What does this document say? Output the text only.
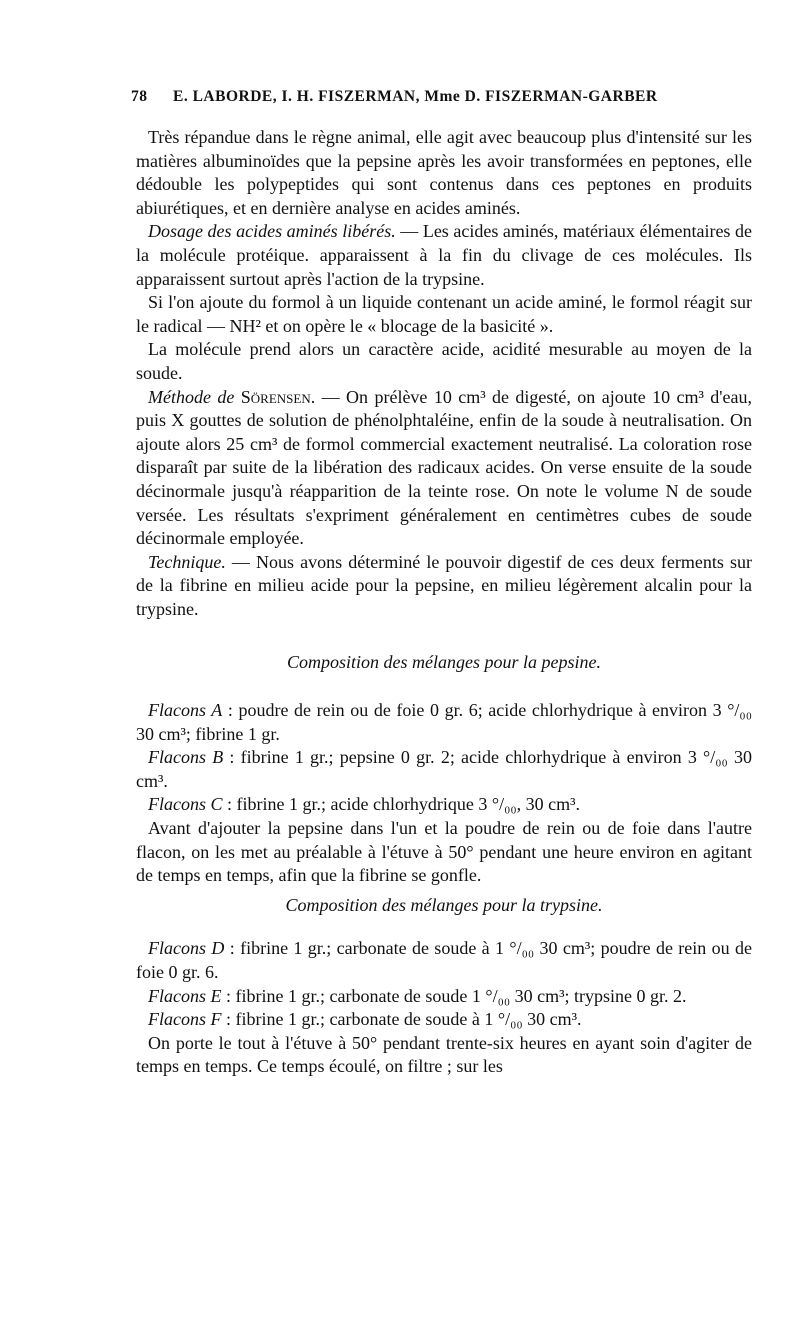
78 E. LABORDE, I. H. FISZERMAN, Mme D. FISZERMAN-GARBER

Très répandue dans le règne animal, elle agit avec beaucoup plus d'intensité sur les matières albuminoïdes que la pepsine après les avoir transformées en peptones, elle dédouble les polypeptides qui sont contenus dans ces peptones en produits abiurétiques, et en dernière analyse en acides aminés.

Dosage des acides aminés libérés. — Les acides aminés, matériaux élémentaires de la molécule protéique. apparaissent à la fin du clivage de ces molécules. Ils apparaissent surtout après l'action de la trypsine.

Si l'on ajoute du formol à un liquide contenant un acide aminé, le formol réagit sur le radical — NH² et on opère le « blocage de la basicité ».

La molécule prend alors un caractère acide, acidité mesurable au moyen de la soude.

Méthode de Sörensen. — On prélève 10 cm³ de digesté, on ajoute 10 cm³ d'eau, puis X gouttes de solution de phénolphtaléine, enfin de la soude à neutralisation. On ajoute alors 25 cm³ de formol commercial exactement neutralisé. La coloration rose disparaît par suite de la libération des radicaux acides. On verse ensuite de la soude décinormale jusqu'à réapparition de la teinte rose. On note le volume N de soude versée. Les résultats s'expriment généralement en centimètres cubes de soude décinormale employée.

Technique. — Nous avons déterminé le pouvoir digestif de ces deux ferments sur de la fibrine en milieu acide pour la pepsine, en milieu légèrement alcalin pour la trypsine.

Composition des mélanges pour la pepsine.

Flacons A : poudre de rein ou de foie 0 gr. 6; acide chlorhydrique à environ 3 °/₀₀ 30 cm³; fibrine 1 gr.

Flacons B : fibrine 1 gr.; pepsine 0 gr. 2; acide chlorhydrique à environ 3 °/₀₀ 30 cm³.

Flacons C : fibrine 1 gr.; acide chlorhydrique 3 °/₀₀, 30 cm³.

Avant d'ajouter la pepsine dans l'un et la poudre de rein ou de foie dans l'autre flacon, on les met au préalable à l'étuve à 50° pendant une heure environ en agitant de temps en temps, afin que la fibrine se gonfle.

Composition des mélanges pour la trypsine.

Flacons D : fibrine 1 gr.; carbonate de soude à 1 °/₀₀ 30 cm³; poudre de rein ou de foie 0 gr. 6.

Flacons E : fibrine 1 gr.; carbonate de soude 1 °/₀₀ 30 cm³; trypsine 0 gr. 2.

Flacons F : fibrine 1 gr.; carbonate de soude à 1 °/₀₀ 30 cm³.

On porte le tout à l'étuve à 50° pendant trente-six heures en ayant soin d'agiter de temps en temps. Ce temps écoulé, on filtre ; sur les
